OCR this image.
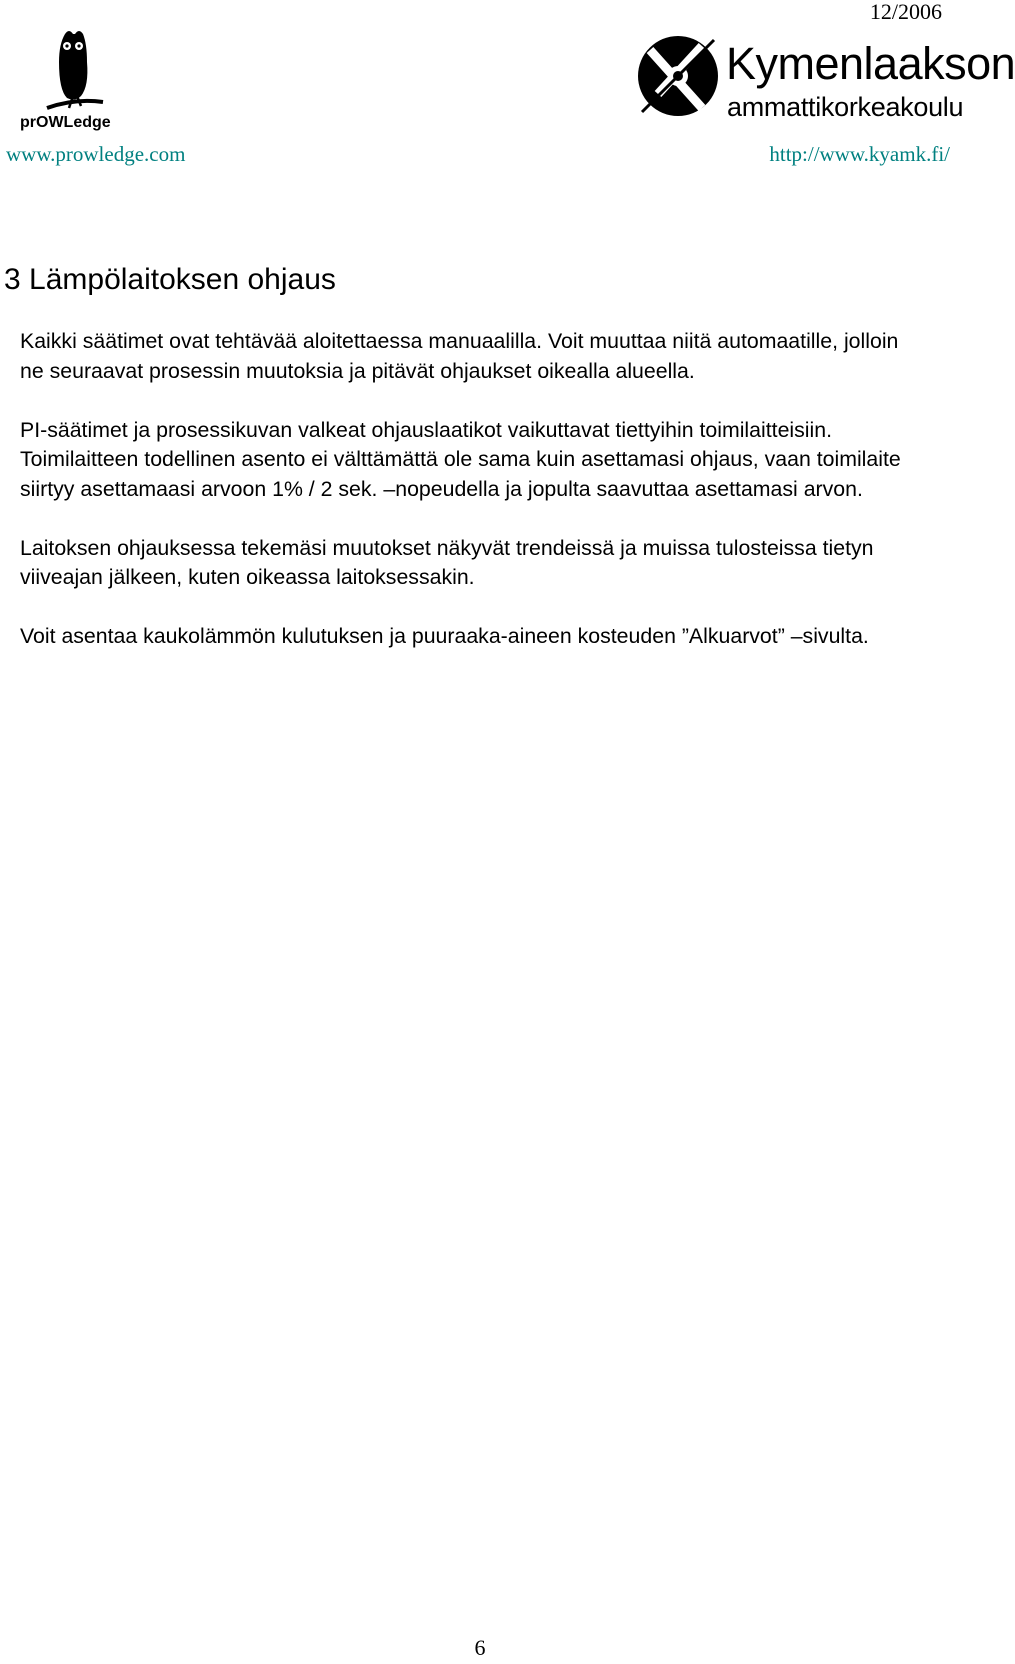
12/2006
prOWLedge
www.prowledge.com
Kymenlaakson
ammattikorkeakoulu
http://www.kyamk.fi/
3 Lämpölaitoksen ohjaus

Kaikki säätimet ovat tehtävää aloitettaessa manuaalilla. Voit muuttaa niitä automaatille, jolloin ne seuraavat prosessin muutoksia ja pitävät ohjaukset oikealla alueella.

PI-säätimet ja prosessikuvan valkeat ohjauslaatikot vaikuttavat tiettyihin toimilaitteisiin. Toimilaitteen todellinen asento ei välttämättä ole sama kuin asettamasi ohjaus, vaan toimilaite siirtyy asettamaasi arvoon 1% / 2 sek. –nopeudella ja jopulta saavuttaa asettamasi arvon.

Laitoksen ohjauksessa tekemäsi muutokset näkyvät trendeissä ja muissa tulosteissa tietyn viiveajan jälkeen, kuten oikeassa laitoksessakin.

Voit asentaa kaukolämmön kulutuksen ja puuraaka-aineen kosteuden ”Alkuarvot” –sivulta.

6
